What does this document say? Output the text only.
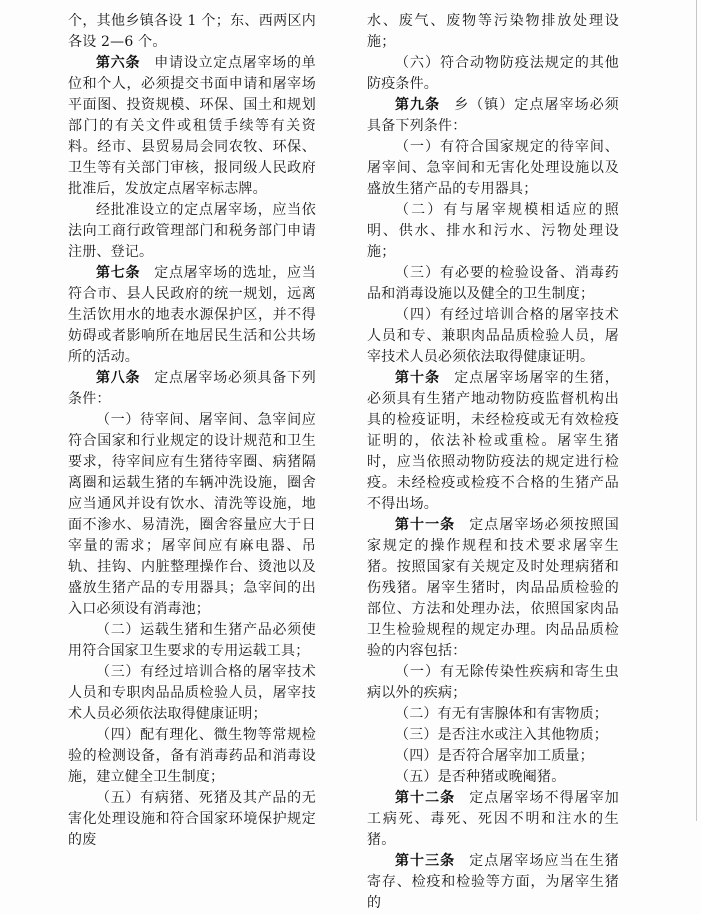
个，其他乡镇各设 1 个；东、西两区内各设 2—6 个。

第六条 申请设立定点屠宰场的单位和个人，必须提交书面申请和屠宰场平面图、投资规模、环保、国土和规划部门的有关文件或租赁手续等有关资料。经市、县贸易局会同农牧、环保、卫生等有关部门审核，报同级人民政府批准后，发放定点屠宰标志牌。

经批准设立的定点屠宰场，应当依法向工商行政管理部门和税务部门申请注册、登记。

第七条 定点屠宰场的选址，应当符合市、县人民政府的统一规划，远离生活饮用水的地表水源保护区，并不得妨碍或者影响所在地居民生活和公共场所的活动。

第八条 定点屠宰场必须具备下列条件：

（一）待宰间、屠宰间、急宰间应符合国家和行业规定的设计规范和卫生要求，待宰间应有生猪待宰圈、病猪隔离圈和运载生猪的车辆冲洗设施，圈舍应当通风并设有饮水、清洗等设施，地面不渗水、易清洗，圈舍容量应大于日宰量的需求；屠宰间应有麻电器、吊轨、挂钩、内脏整理操作台、烫池以及盛放生猪产品的专用器具；急宰间的出入口必须设有消毒池；

（二）运载生猪和生猪产品必须使用符合国家卫生要求的专用运载工具；

（三）有经过培训合格的屠宰技术人员和专职肉品品质检验人员，屠宰技术人员必须依法取得健康证明；

（四）配有理化、微生物等常规检验的检测设备，备有消毒药品和消毒设施，建立健全卫生制度；

（五）有病猪、死猪及其产品的无害化处理设施和符合国家环境保护规定的废

水、废气、废物等污染物排放处理设施；

（六）符合动物防疫法规定的其他防疫条件。

第九条 乡（镇）定点屠宰场必须具备下列条件：

（一）有符合国家规定的待宰间、屠宰间、急宰间和无害化处理设施以及盛放生猪产品的专用器具；

（二）有与屠宰规模相适应的照明、供水、排水和污水、污物处理设施；

（三）有必要的检验设备、消毒药品和消毒设施以及健全的卫生制度；

（四）有经过培训合格的屠宰技术人员和专、兼职肉品品质检验人员，屠宰技术人员必须依法取得健康证明。

第十条 定点屠宰场屠宰的生猪，必须具有生猪产地动物防疫监督机构出具的检疫证明，未经检疫或无有效检疫证明的，依法补检或重检。屠宰生猪时，应当依照动物防疫法的规定进行检疫。未经检疫或检疫不合格的生猪产品不得出场。

第十一条 定点屠宰场必须按照国家规定的操作规程和技术要求屠宰生猪。按照国家有关规定及时处理病猪和伤残猪。屠宰生猪时，肉品品质检验的部位、方法和处理办法，依照国家肉品卫生检验规程的规定办理。肉品品质检验的内容包括：

（一）有无除传染性疾病和寄生虫病以外的疾病；

（二）有无有害腺体和有害物质；

（三）是否注水或注入其他物质；

（四）是否符合屠宰加工质量；

（五）是否种猪或晚阉猪。

第十二条 定点屠宰场不得屠宰加工病死、毒死、死因不明和注水的生猪。

第十三条 定点屠宰场应当在生猪寄存、检疫和检验等方面，为屠宰生猪的
